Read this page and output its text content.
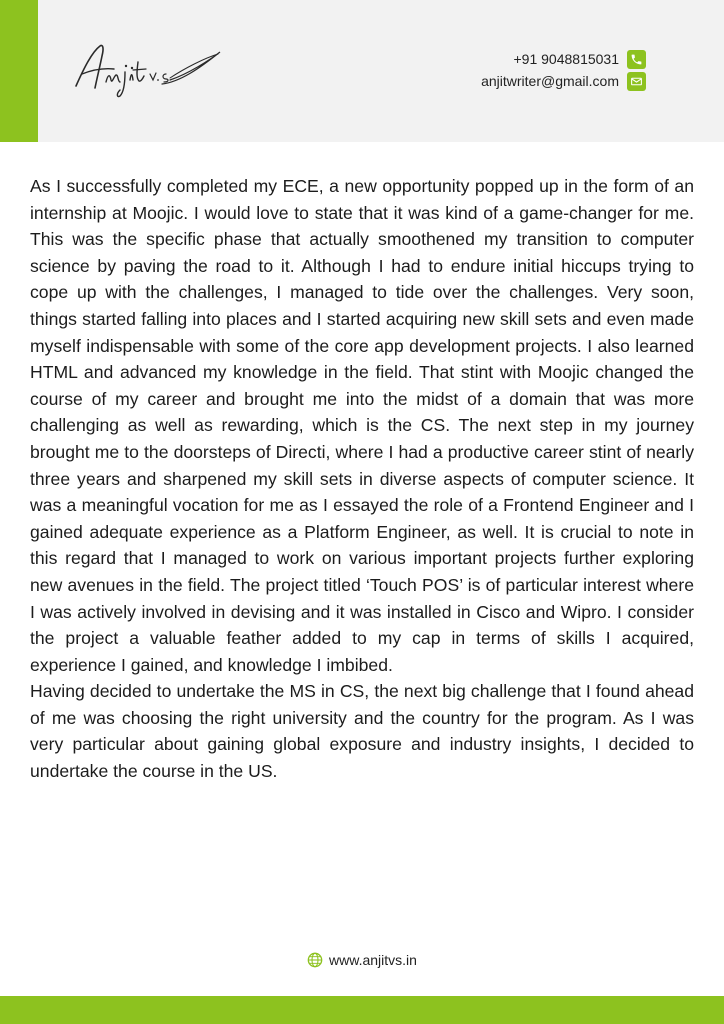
+91 9048815031
anjitwriter@gmail.com

As I successfully completed my ECE, a new opportunity popped up in the form of an internship at Moojic. I would love to state that it was kind of a game-changer for me. This was the specific phase that actually smoothened my transition to computer science by paving the road to it. Although I had to endure initial hiccups trying to cope up with the challenges, I managed to tide over the challenges. Very soon, things started falling into places and I started acquiring new skill sets and even made myself indispensable with some of the core app development projects. I also learned HTML and advanced my knowledge in the field. That stint with Moojic changed the course of my career and brought me into the midst of a domain that was more challenging as well as rewarding, which is the CS. The next step in my journey brought me to the doorsteps of Directi, where I had a productive career stint of nearly three years and sharpened my skill sets in diverse aspects of computer science. It was a meaningful vocation for me as I essayed the role of a Frontend Engineer and I gained adequate experience as a Platform Engineer, as well. It is crucial to note in this regard that I managed to work on various important projects further exploring new avenues in the field. The project titled ‘Touch POS’ is of particular interest where I was actively involved in devising and it was installed in Cisco and Wipro. I consider the project a valuable feather added to my cap in terms of skills I acquired, experience I gained, and knowledge I imbibed.

Having decided to undertake the MS in CS, the next big challenge that I found ahead of me was choosing the right university and the country for the program. As I was very particular about gaining global exposure and industry insights, I decided to undertake the course in the US.

www.anjitvs.in
